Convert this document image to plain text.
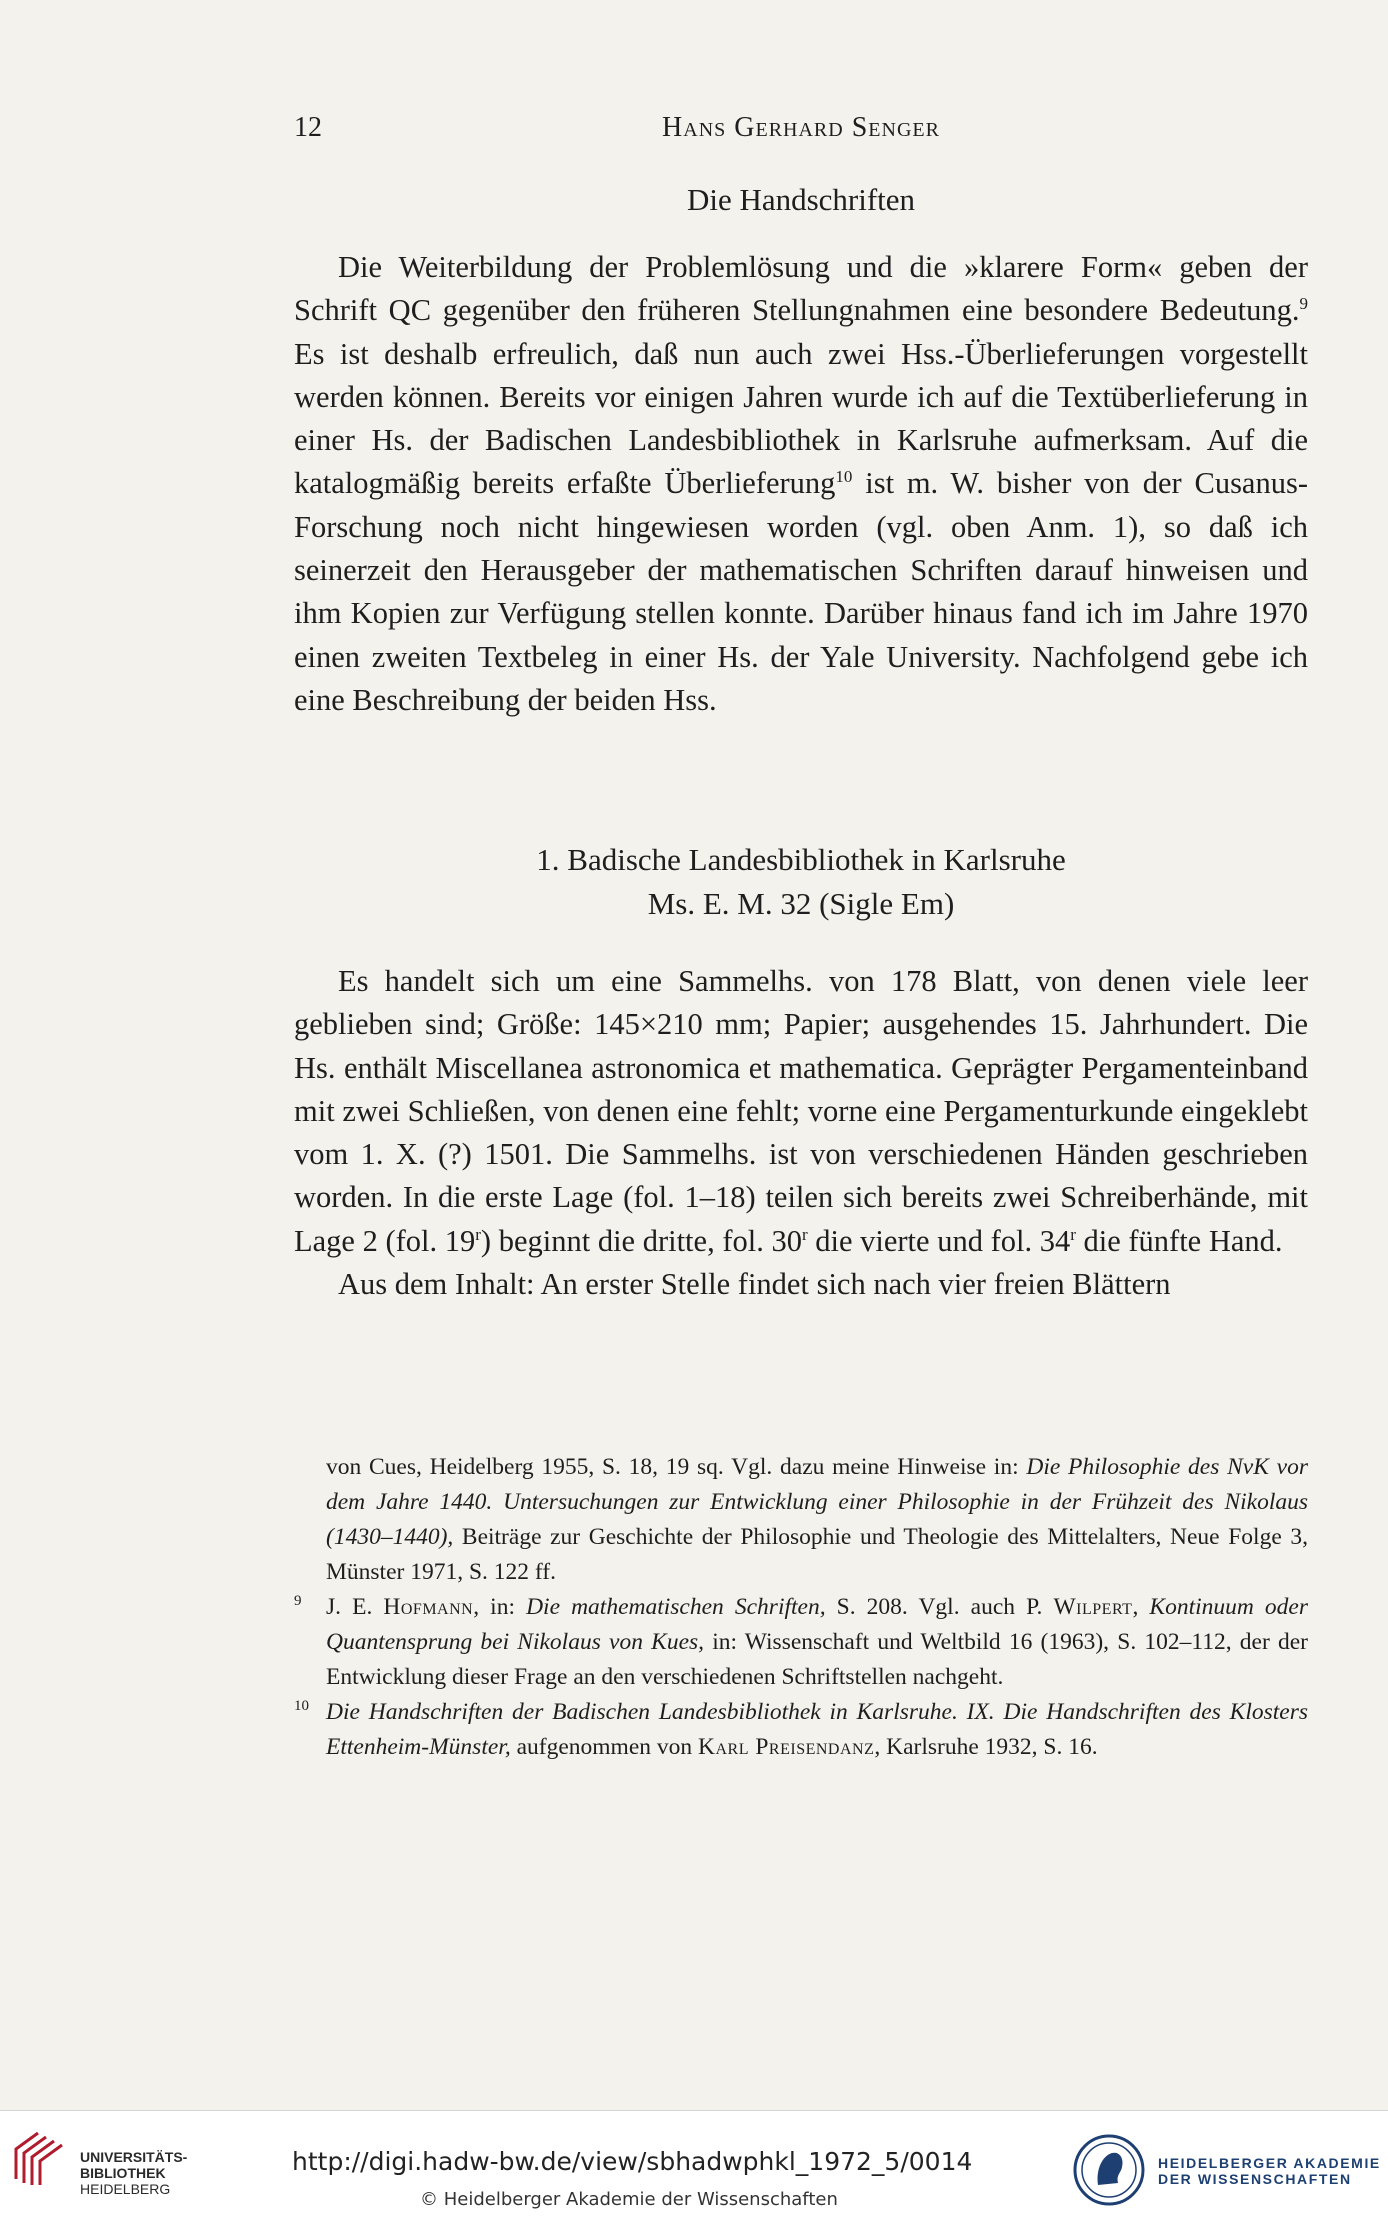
12	Hans Gerhard Senger
Die Handschriften

Die Weiterbildung der Problemlösung und die »klarere Form« geben der Schrift QC gegenüber den früheren Stellungnahmen eine besondere Bedeutung.$^9$ Es ist deshalb erfreulich, daß nun auch zwei Hss.-Überlieferungen vorgestellt werden können. Bereits vor einigen Jahren wurde ich auf die Textüberlieferung in einer Hs. der Badischen Landesbibliothek in Karlsruhe aufmerksam. Auf die katalogmäßig bereits erfaßte Überlieferung$^{10}$ ist m. W. bisher von der Cusanus-Forschung noch nicht hingewiesen worden (vgl. oben Anm. 1), so daß ich seinerzeit den Herausgeber der mathematischen Schriften darauf hinweisen und ihm Kopien zur Verfügung stellen konnte. Darüber hinaus fand ich im Jahre 1970 einen zweiten Textbeleg in einer Hs. der Yale University. Nachfolgend gebe ich eine Beschreibung der beiden Hss.

1. Badische Landesbibliothek in Karlsruhe
Ms. E. M. 32 (Sigle Em)

Es handelt sich um eine Sammelhs. von 178 Blatt, von denen viele leer geblieben sind; Größe: 145×210 mm; Papier; ausgehendes 15. Jahrhundert. Die Hs. enthält Miscellanea astronomica et mathematica. Geprägter Pergamenteinband mit zwei Schließen, von denen eine fehlt; vorne eine Pergamenturkunde eingeklebt vom 1. X. (?) 1501. Die Sammelhs. ist von verschiedenen Händen geschrieben worden. In die erste Lage (fol. 1–18) teilen sich bereits zwei Schreiberhände, mit Lage 2 (fol. 19$^r$) beginnt die dritte, fol. 30$^r$ die vierte und fol. 34$^r$ die fünfte Hand.

Aus dem Inhalt: An erster Stelle findet sich nach vier freien Blättern

von Cues, Heidelberg 1955, S. 18, 19 sq. Vgl. dazu meine Hinweise in: Die Philosophie des NvK vor dem Jahre 1440. Untersuchungen zur Entwicklung einer Philosophie in der Frühzeit des Nikolaus (1430–1440), Beiträge zur Geschichte der Philosophie und Theologie des Mittelalters, Neue Folge 3, Münster 1971, S. 122 ff.

9 J. E. Hofmann, in: Die mathematischen Schriften, S. 208. Vgl. auch P. Wilpert, Kontinuum oder Quantensprung bei Nikolaus von Kues, in: Wissenschaft und Weltbild 16 (1963), S. 102–112, der der Entwicklung dieser Frage an den verschiedenen Schriftstellen nachgeht.

10 Die Handschriften der Badischen Landesbibliothek in Karlsruhe. IX. Die Handschriften des Klosters Ettenheim-Münster, aufgenommen von Karl Preisendanz, Karlsruhe 1932, S. 16.

UNIVERSITÄTS-
BIBLIOTHEK
HEIDELBERG
http://digi.hadw-bw.de/view/sbhadwphkl_1972_5/0014
© Heidelberger Akademie der Wissenschaften
HEIDELBERGER AKADEMIE
DER WISSENSCHAFTEN
